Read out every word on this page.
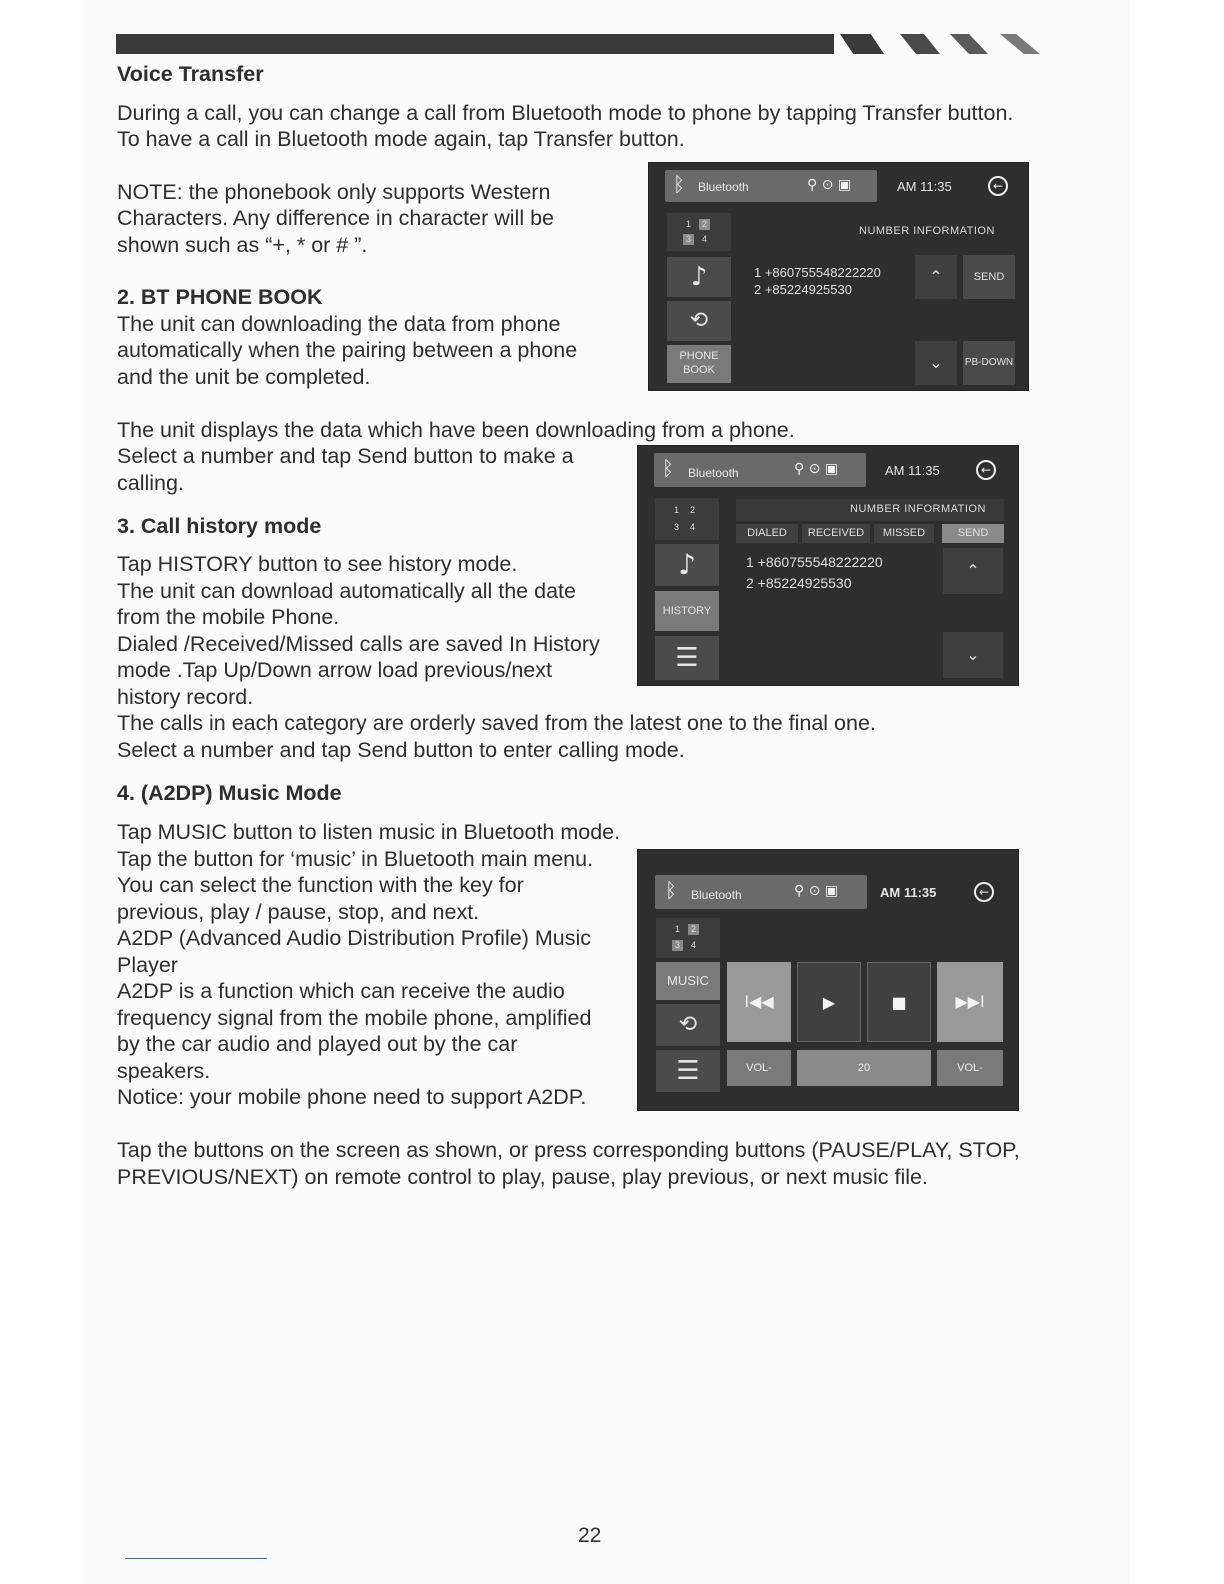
Voice Transfer
During a call, you can change a call from Bluetooth mode to phone by tapping Transfer button.
To have a call in Bluetooth mode again, tap Transfer button.
NOTE: the phonebook only supports Western
Characters. Any difference in character will be
shown such as “+, * or # ”.
2. BT PHONE BOOK
The unit can downloading the data from phone
automatically when the pairing between a phone
and the unit be completed.
The unit displays the data which have been downloading from a phone.
Select a number and tap Send button to make a
calling.
3. Call history mode
Tap HISTORY button to see history mode.
The unit can download automatically all the date
from the mobile Phone.
Dialed /Received/Missed calls are saved In History
mode .Tap Up/Down arrow load previous/next
history record.
The calls in each category are orderly saved from the latest one to the final one.
Select a number and tap Send button to enter calling mode.
4. (A2DP) Music Mode
Tap MUSIC button to listen music in Bluetooth mode.
Tap the button for ‘music’ in Bluetooth main menu.
You can select the function with the key for
previous, play / pause, stop, and next.
A2DP (Advanced Audio Distribution Profile) Music
Player
A2DP is a function which can receive the audio
frequency signal from the mobile phone, amplified
by the car audio and played out by the car
speakers.
Notice: your mobile phone need to support A2DP.
Tap the buttons on the screen as shown, or press corresponding buttons (PAUSE/PLAY, STOP,
PREVIOUS/NEXT) on remote control to play, pause, play previous, or next music file.
ᛒ Bluetooth	⚲ ⊙ ▣	AM 11:35	←
1	2
3	4
♪
⟲
PHONE BOOK
NUMBER INFORMATION
1 +860755548222220
2 +85224925530
⌃	SEND
⌄	PB-DOWN
ᛒ Bluetooth	⚲ ⊙ ▣	AM 11:35	←
1	2
3	4
♪
HISTORY
☰
NUMBER INFORMATION
DIALED	RECEIVED	MISSED	SEND
1 +860755548222220
2 +85224925530
⌃
⌄
ᛒ Bluetooth	⚲ ⊙ ▣	AM 11:35	←
1	2
3	4
MUSIC
⟲
☰
I◀◀	▶	■	▶▶I
VOL-	20	VOL-
22
